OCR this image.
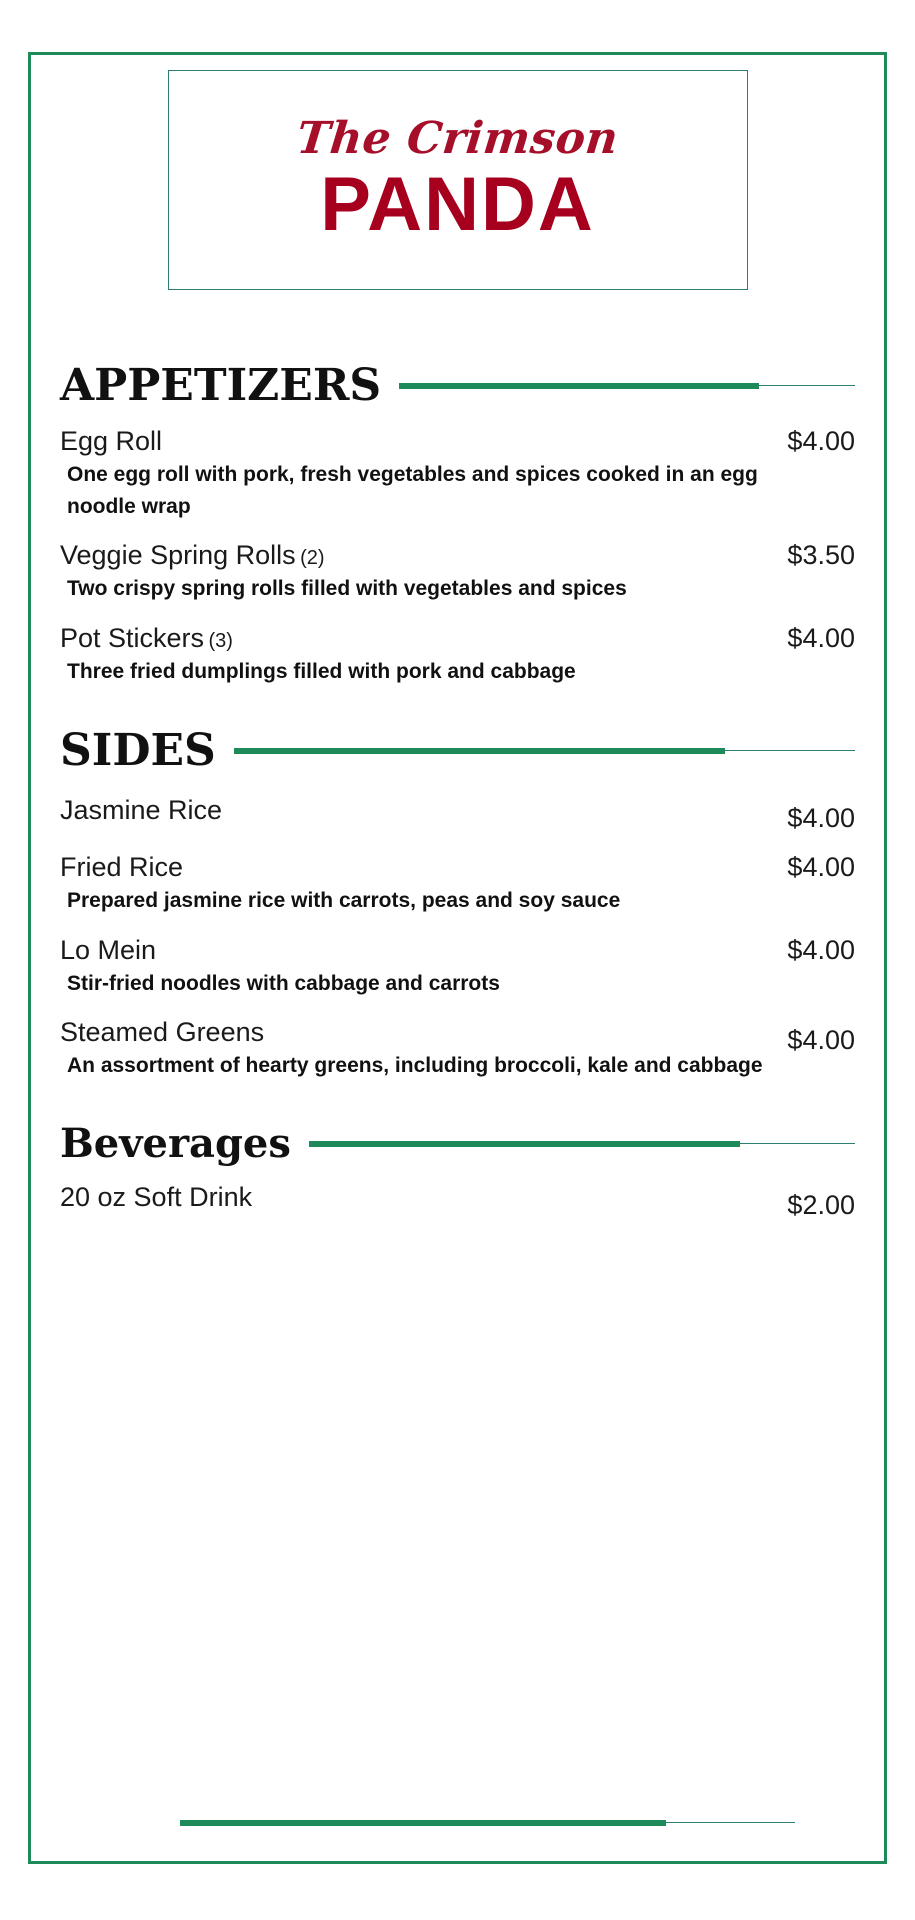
The Crimson
PANDA
APPETIZERS
Egg Roll	$4.00
One egg roll with pork, fresh vegetables and spices cooked in an egg noodle wrap
Veggie Spring Rolls (2)	$3.50
Two crispy spring rolls filled with vegetables and spices
Pot Stickers (3)	$4.00
Three fried dumplings filled with pork and cabbage
SIDES
Jasmine Rice	$4.00
Fried Rice	$4.00
Prepared jasmine rice with carrots, peas and soy sauce
Lo Mein	$4.00
Stir-fried noodles with cabbage and carrots
Steamed Greens	$4.00
An assortment of hearty greens, including broccoli, kale and cabbage
Beverages
20 oz Soft Drink	$2.00
